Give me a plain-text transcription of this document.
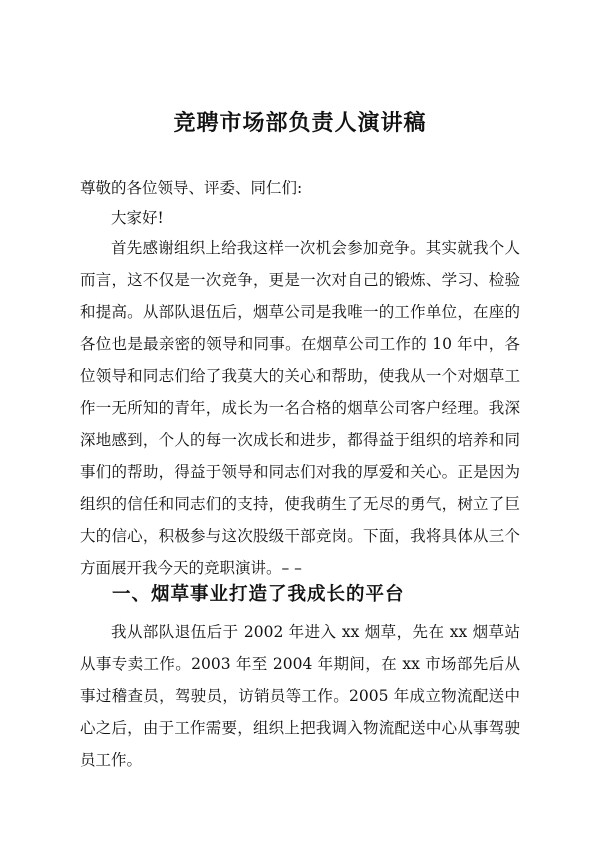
竞聘市场部负责人演讲稿
尊敬的各位领导、评委、同仁们:
大家好!
首先感谢组织上给我这样一次机会参加竞争。其实就我个人而言，这不仅是一次竞争，更是一次对自己的锻炼、学习、检验和提高。从部队退伍后，烟草公司是我唯一的工作单位，在座的各位也是最亲密的领导和同事。在烟草公司工作的 10 年中，各位领导和同志们给了我莫大的关心和帮助，使我从一个对烟草工作一无所知的青年，成长为一名合格的烟草公司客户经理。我深深地感到，个人的每一次成长和进步，都得益于组织的培养和同事们的帮助，得益于领导和同志们对我的厚爱和关心。正是因为组织的信任和同志们的支持，使我萌生了无尽的勇气，树立了巨大的信心，积极参与这次股级干部竞岗。下面，我将具体从三个方面展开我今天的竞职演讲。– –
一、烟草事业打造了我成长的平台
我从部队退伍后于 2002 年进入 xx 烟草，先在 xx 烟草站从事专卖工作。2003 年至 2004 年期间，在 xx 市场部先后从事过稽查员，驾驶员，访销员等工作。2005 年成立物流配送中心之后，由于工作需要，组织上把我调入物流配送中心从事驾驶员工作。
